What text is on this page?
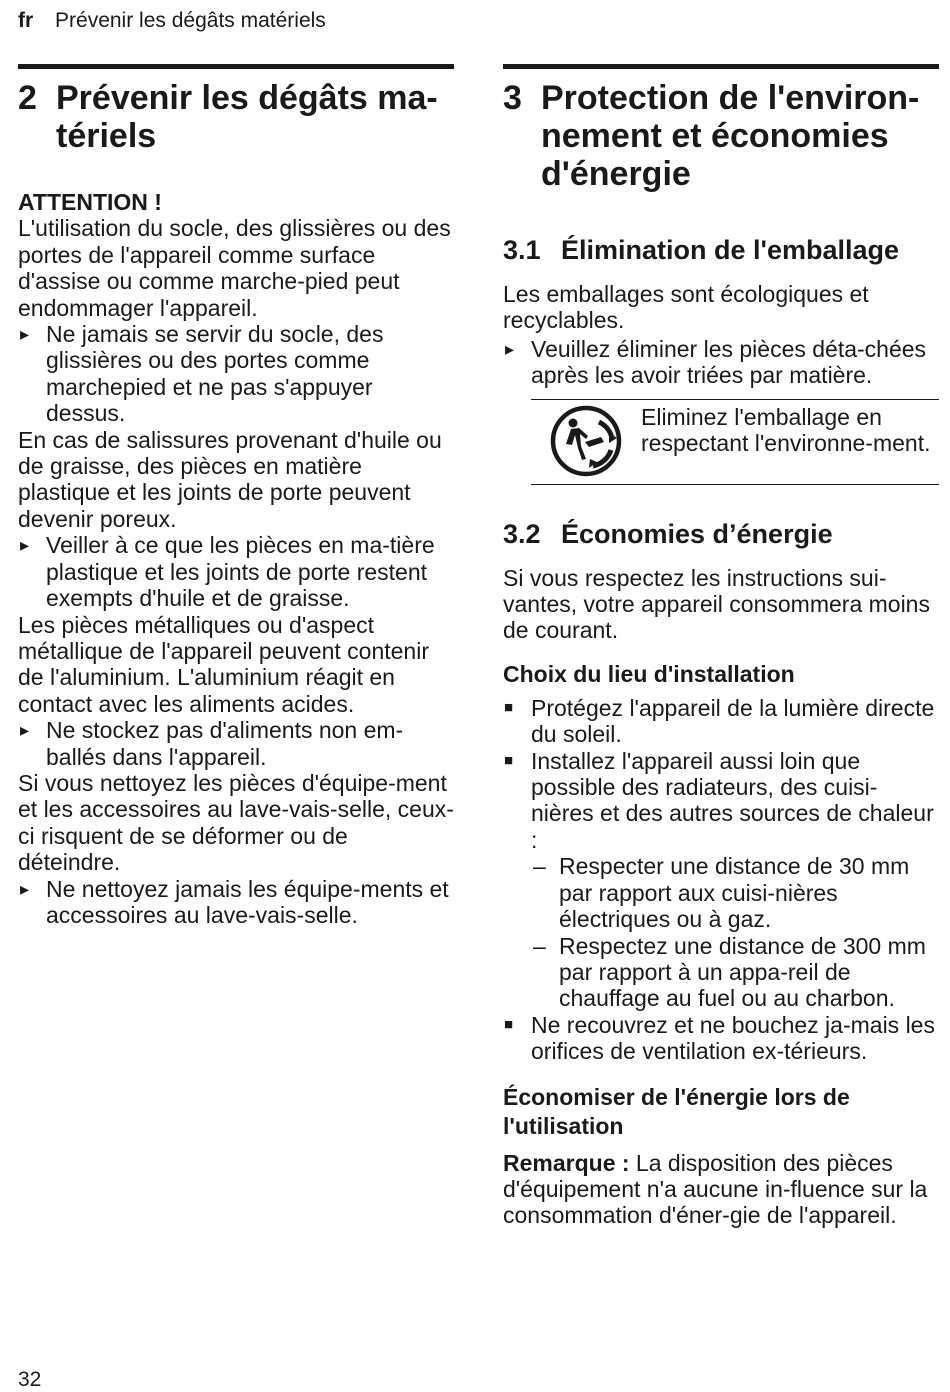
fr Prévenir les dégâts matériels
2 Prévenir les dégâts ma-
tériels

ATTENTION !

L'utilisation du socle, des glissières ou des portes de l'appareil comme surface d'assise ou comme marche-pied peut endommager l'appareil.

▸ Ne jamais se servir du socle, des glissières ou des portes comme marchepied et ne pas s'appuyer dessus.

En cas de salissures provenant d'huile ou de graisse, des pièces en matière plastique et les joints de porte peuvent devenir poreux.

▸ Veiller à ce que les pièces en ma-tière plastique et les joints de porte restent exempts d'huile et de graisse.

Les pièces métalliques ou d'aspect métallique de l'appareil peuvent contenir de l'aluminium. L'aluminium réagit en contact avec les aliments acides.

▸ Ne stockez pas d'aliments non em-ballés dans l'appareil.

Si vous nettoyez les pièces d'équipe-ment et les accessoires au lave-vais-selle, ceux-ci risquent de se déformer ou de déteindre.

▸ Ne nettoyez jamais les équipe-ments et accessoires au lave-vais-selle.
3 Protection de l'environ-
nement et économies
d'énergie
3.1 Élimination de l'emballage

Les emballages sont écologiques et recyclables.

▸ Veuillez éliminer les pièces déta-chées après les avoir triées par matière.

Eliminez l'emballage en respectant l'environne-ment.

3.2 Économies d’énergie

Si vous respectez les instructions sui-vantes, votre appareil consommera moins de courant.

Choix du lieu d'installation
■ Protégez l'appareil de la lumière directe du soleil.
■ Installez l'appareil aussi loin que possible des radiateurs, des cuisi-nières et des autres sources de chaleur :
– Respecter une distance de 30 mm par rapport aux cuisi-nières électriques ou à gaz.
– Respectez une distance de 300 mm par rapport à un appa-reil de chauffage au fuel ou au charbon.
■ Ne recouvrez et ne bouchez ja-mais les orifices de ventilation ex-térieurs.
Économiser de l'énergie lors de l'utilisation

Remarque : La disposition des pièces d'équipement n'a aucune in-fluence sur la consommation d'éner-gie de l'appareil.

32
